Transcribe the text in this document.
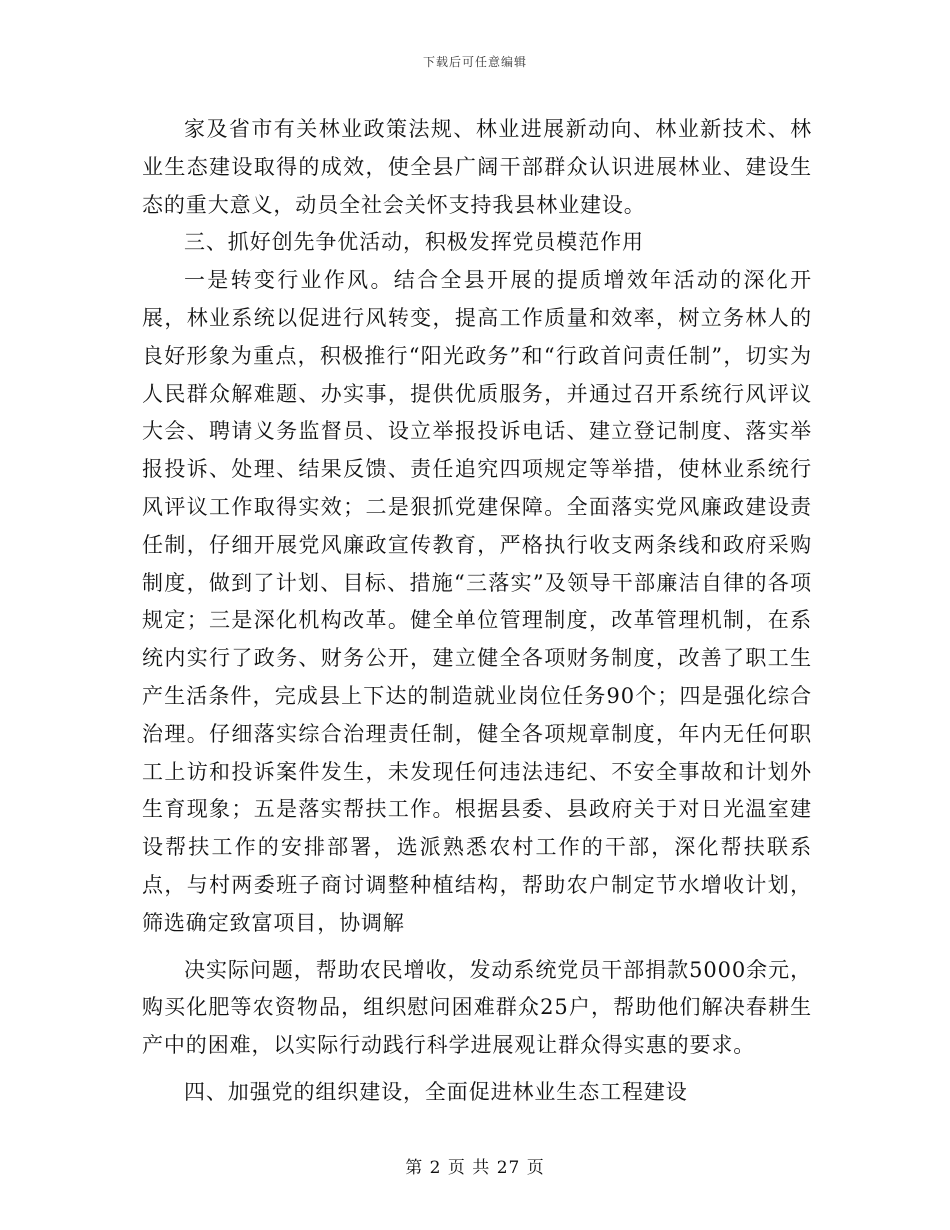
下载后可任意编辑

家及省市有关林业政策法规、林业进展新动向、林业新技术、林业生态建设取得的成效，使全县广阔干部群众认识进展林业、建设生态的重大意义，动员全社会关怀支持我县林业建设。

三、抓好创先争优活动，积极发挥党员模范作用

一是转变行业作风。结合全县开展的提质增效年活动的深化开展，林业系统以促进行风转变，提高工作质量和效率，树立务林人的良好形象为重点，积极推行“阳光政务”和“行政首问责任制”，切实为人民群众解难题、办实事，提供优质服务，并通过召开系统行风评议大会、聘请义务监督员、设立举报投诉电话、建立登记制度、落实举报投诉、处理、结果反馈、责任追究四项规定等举措，使林业系统行风评议工作取得实效；二是狠抓党建保障。全面落实党风廉政建设责任制，仔细开展党风廉政宣传教育，严格执行收支两条线和政府采购制度，做到了计划、目标、措施“三落实”及领导干部廉洁自律的各项规定；三是深化机构改革。健全单位管理制度，改革管理机制，在系统内实行了政务、财务公开，建立健全各项财务制度，改善了职工生产生活条件，完成县上下达的制造就业岗位任务90个；四是强化综合治理。仔细落实综合治理责任制，健全各项规章制度，年内无任何职工上访和投诉案件发生，未发现任何违法违纪、不安全事故和计划外生育现象；五是落实帮扶工作。根据县委、县政府关于对日光温室建设帮扶工作的安排部署，选派熟悉农村工作的干部，深化帮扶联系点，与村两委班子商讨调整种植结构，帮助农户制定节水增收计划，筛选确定致富项目，协调解

决实际问题，帮助农民增收，发动系统党员干部捐款5000余元，购买化肥等农资物品，组织慰问困难群众25户，帮助他们解决春耕生产中的困难，以实际行动践行科学进展观让群众得实惠的要求。

四、加强党的组织建设，全面促进林业生态工程建设

第 2 页 共 27 页
